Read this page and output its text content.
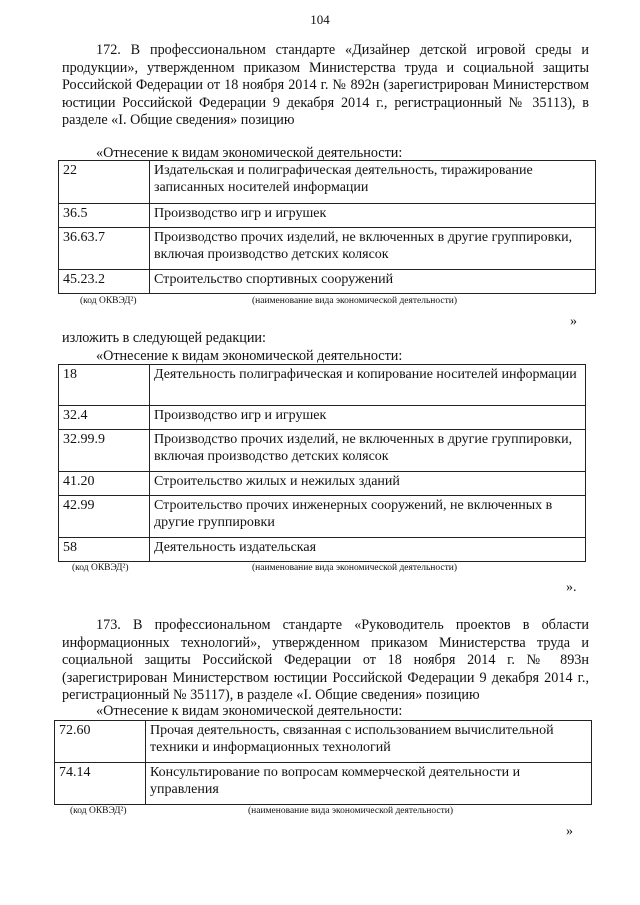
104

172. В профессиональном стандарте «Дизайнер детской игровой среды и продукции», утвержденном приказом Министерства труда и социальной защиты Российской Федерации от 18 ноября 2014 г. № 892н (зарегистрирован Министерством юстиции Российской Федерации 9 декабря 2014 г., регистрационный № 35113), в разделе «I. Общие сведения» позицию

«Отнесение к видам экономической деятельности:
22	Издательская и полиграфическая деятельность, тиражирование записанных носителей информации
36.5	Производство игр и игрушек
36.63.7	Производство прочих изделий, не включенных в другие группировки, включая производство детских колясок
45.23.2	Строительство спортивных сооружений
(код ОКВЭД²)	(наименование вида экономической деятельности)
»
изложить в следующей редакции:
«Отнесение к видам экономической деятельности:
18	Деятельность полиграфическая и копирование носителей информации
32.4	Производство игр и игрушек
32.99.9	Производство прочих изделий, не включенных в другие группировки, включая производство детских колясок
41.20	Строительство жилых и нежилых зданий
42.99	Строительство прочих инженерных сооружений, не включенных в другие группировки
58	Деятельность издательская
(код ОКВЭД²)	(наименование вида экономической деятельности)
».

173. В профессиональном стандарте «Руководитель проектов в области информационных технологий», утвержденном приказом Министерства труда и социальной защиты Российской Федерации от 18 ноября 2014 г. № 893н (зарегистрирован Министерством юстиции Российской Федерации 9 декабря 2014 г., регистрационный № 35117), в разделе «I. Общие сведения» позицию

«Отнесение к видам экономической деятельности:
72.60	Прочая деятельность, связанная с использованием вычислительной техники и информационных технологий
74.14	Консультирование по вопросам коммерческой деятельности и управления
(код ОКВЭД²)	(наименование вида экономической деятельности)
»
